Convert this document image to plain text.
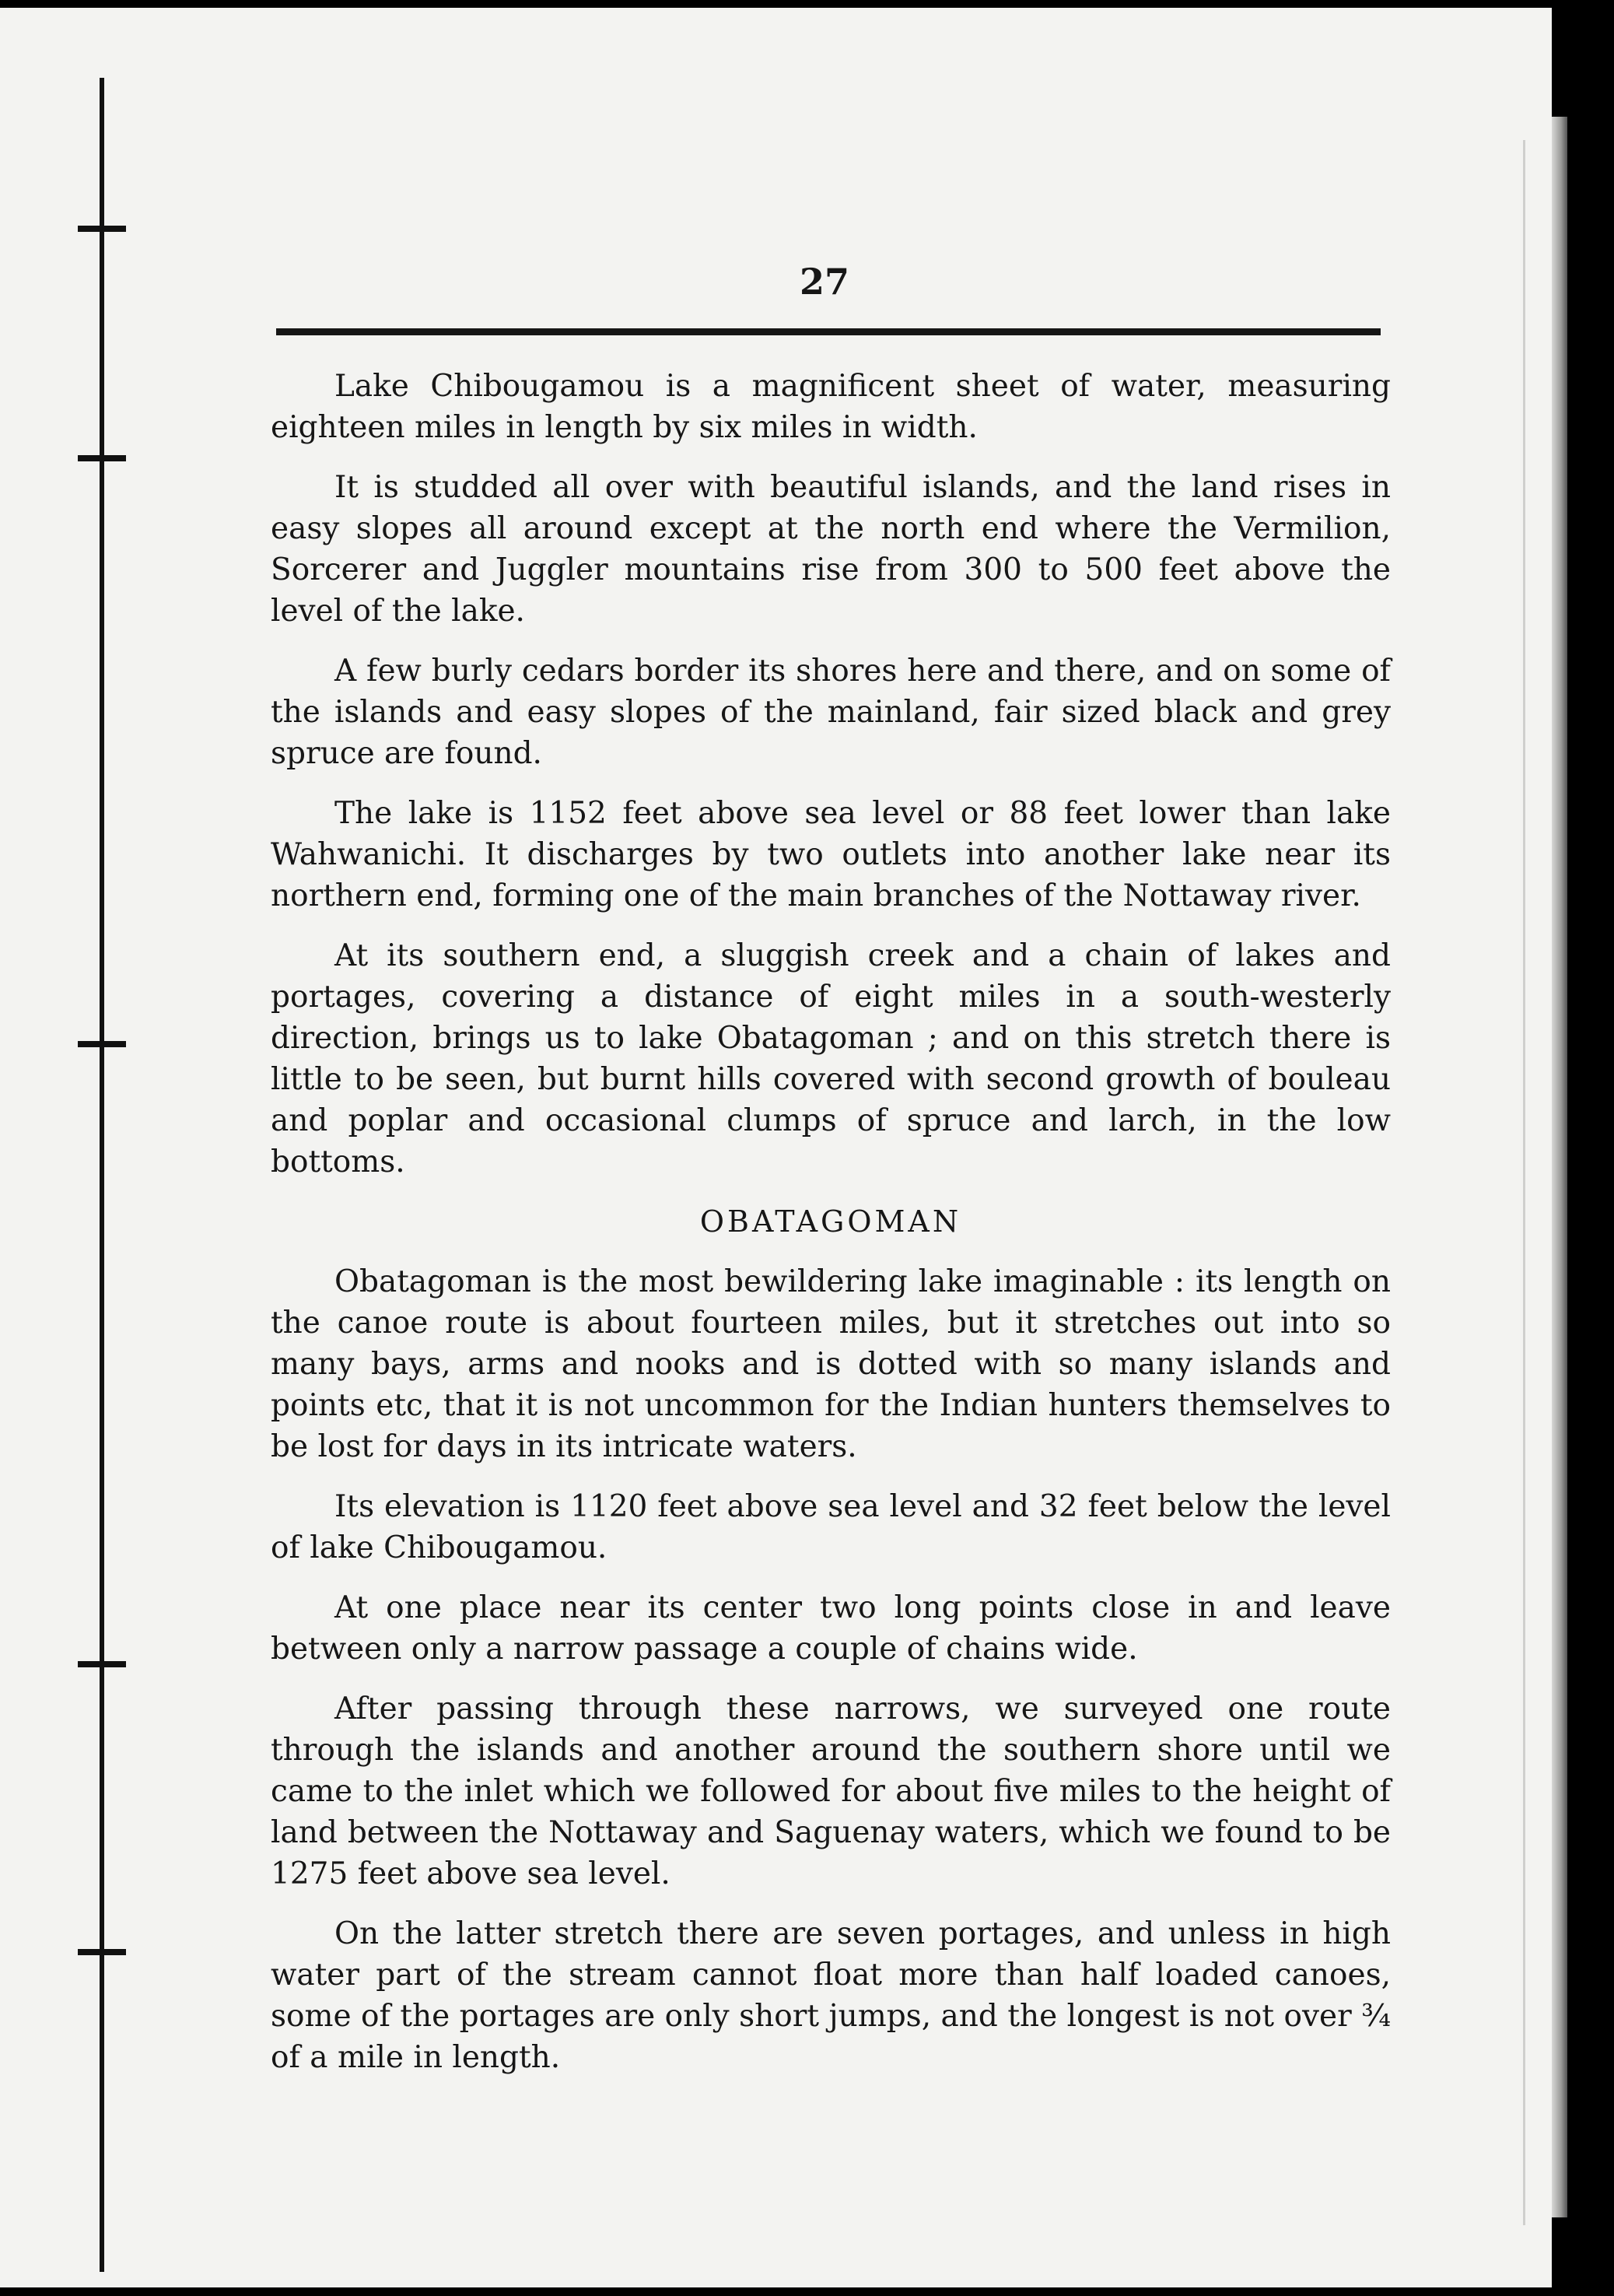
27

Lake Chibougamou is a magnificent sheet of water, measuring eighteen miles in length by six miles in width.

It is studded all over with beautiful islands, and the land rises in easy slopes all around except at the north end where the Vermilion, Sorcerer and Juggler mountains rise from 300 to 500 feet above the level of the lake.

A few burly cedars border its shores here and there, and on some of the islands and easy slopes of the mainland, fair sized black and grey spruce are found.

The lake is 1152 feet above sea level or 88 feet lower than lake Wahwanichi. It discharges by two outlets into another lake near its northern end, forming one of the main branches of the Nottaway river.

At its southern end, a sluggish creek and a chain of lakes and portages, covering a distance of eight miles in a south-westerly direction, brings us to lake Obatagoman ; and on this stretch there is little to be seen, but burnt hills covered with second growth of bouleau and poplar and occasional clumps of spruce and larch, in the low bottoms.

OBATAGOMAN

Obatagoman is the most bewildering lake imaginable : its length on the canoe route is about fourteen miles, but it stretches out into so many bays, arms and nooks and is dotted with so many islands and points etc, that it is not uncommon for the Indian hunters themselves to be lost for days in its intricate waters.

Its elevation is 1120 feet above sea level and 32 feet below the level of lake Chibougamou.

At one place near its center two long points close in and leave between only a narrow passage a couple of chains wide.

After passing through these narrows, we surveyed one route through the islands and another around the southern shore until we came to the inlet which we followed for about five miles to the height of land between the Nottaway and Saguenay waters, which we found to be 1275 feet above sea level.

On the latter stretch there are seven portages, and unless in high water part of the stream cannot float more than half loaded canoes, some of the portages are only short jumps, and the longest is not over ¾ of a mile in length.
